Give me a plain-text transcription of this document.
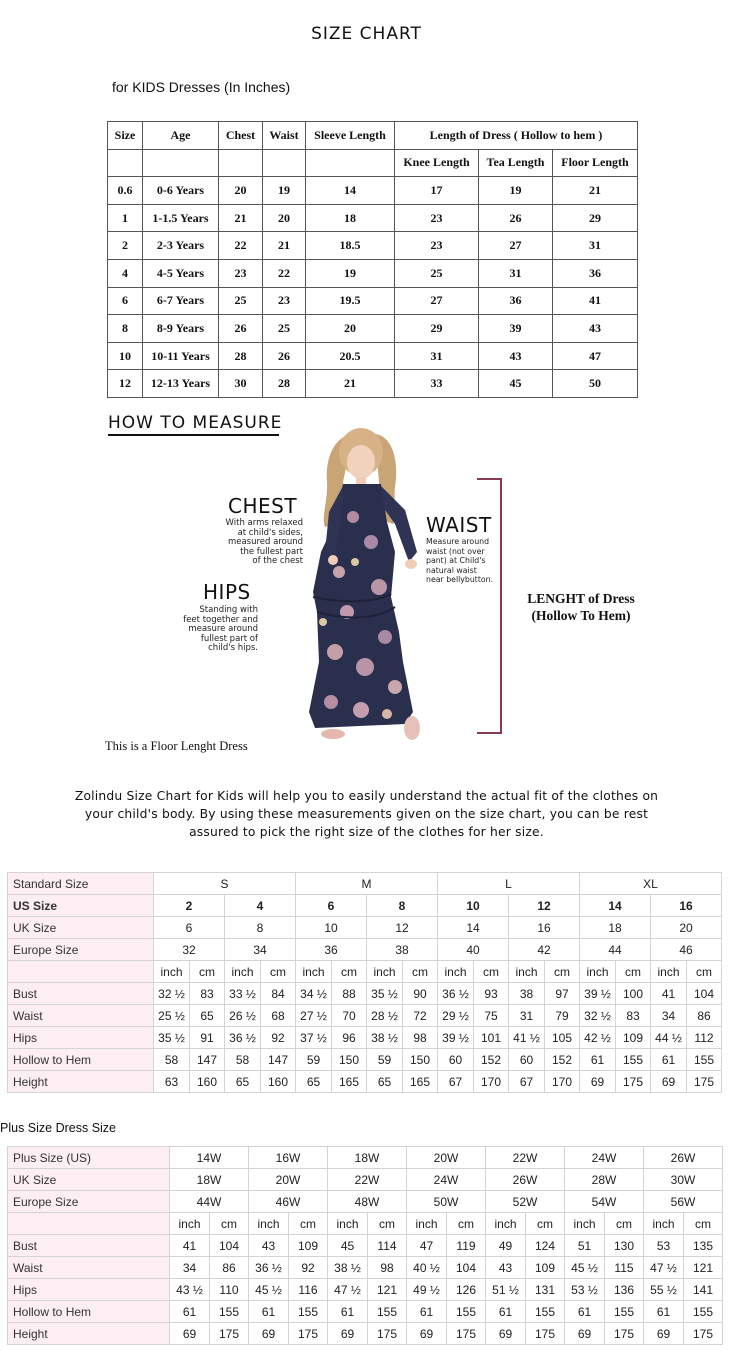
SIZE CHART
for KIDS Dresses (In Inches)
Size	Age	Chest	Waist	Sleeve Length	Length of Dress ( Hollow to hem )		
					Knee Length	Tea Length	Floor Length
0.6	0-6 Years	20	19	14	17	19	21
1	1-1.5 Years	21	20	18	23	26	29
2	2-3 Years	22	21	18.5	23	27	31
4	4-5 Years	23	22	19	25	31	36
6	6-7 Years	25	23	19.5	27	36	41
8	8-9 Years	26	25	20	29	39	43
10	10-11 Years	28	26	20.5	31	43	47
12	12-13 Years	30	28	21	33	45	50
HOW TO MEASURE
CHEST
With arms relaxed
at child's sides,
measured around
the fullest part
of the chest
WAIST
Measure around
waist (not over
pant) at Child's
natural waist
near bellybutton.
HIPS
Standing with
feet together and
measure around
fullest part of
child's hips.
LENGHT of Dress
(Hollow To Hem)
This is a Floor Lenght Dress
Zolindu Size Chart for Kids will help you to easily understand the actual fit of the clothes on your child's body. By using these measurements given on the size chart, you can be rest assured to pick the right size of the clothes for her size.
Standard Size	S				M				L				XL			
US Size	2		4		6		8		10		12		14		16	
UK Size	6		8		10		12		14		16		18		20	
Europe Size	32		34		36		38		40		42		44		46	
	inch	cm	inch	cm	inch	cm	inch	cm	inch	cm	inch	cm	inch	cm	inch	cm
Bust	32 ½	83	33 ½	84	34 ½	88	35 ½	90	36 ½	93	38	97	39 ½	100	41	104
Waist	25 ½	65	26 ½	68	27 ½	70	28 ½	72	29 ½	75	31	79	32 ½	83	34	86
Hips	35 ½	91	36 ½	92	37 ½	96	38 ½	98	39 ½	101	41 ½	105	42 ½	109	44 ½	112
Hollow to Hem	58	147	58	147	59	150	59	150	60	152	60	152	61	155	61	155
Height	63	160	65	160	65	165	65	165	67	170	67	170	69	175	69	175
Plus Size Dress Size
Plus Size (US)	14W		16W		18W		20W		22W		24W		26W	
UK Size	18W		20W		22W		24W		26W		28W		30W	
Europe Size	44W		46W		48W		50W		52W		54W		56W	
	inch	cm	inch	cm	inch	cm	inch	cm	inch	cm	inch	cm	inch	cm
Bust	41	104	43	109	45	114	47	119	49	124	51	130	53	135
Waist	34	86	36 ½	92	38 ½	98	40 ½	104	43	109	45 ½	115	47 ½	121
Hips	43 ½	110	45 ½	116	47 ½	121	49 ½	126	51 ½	131	53 ½	136	55 ½	141
Hollow to Hem	61	155	61	155	61	155	61	155	61	155	61	155	61	155
Height	69	175	69	175	69	175	69	175	69	175	69	175	69	175
